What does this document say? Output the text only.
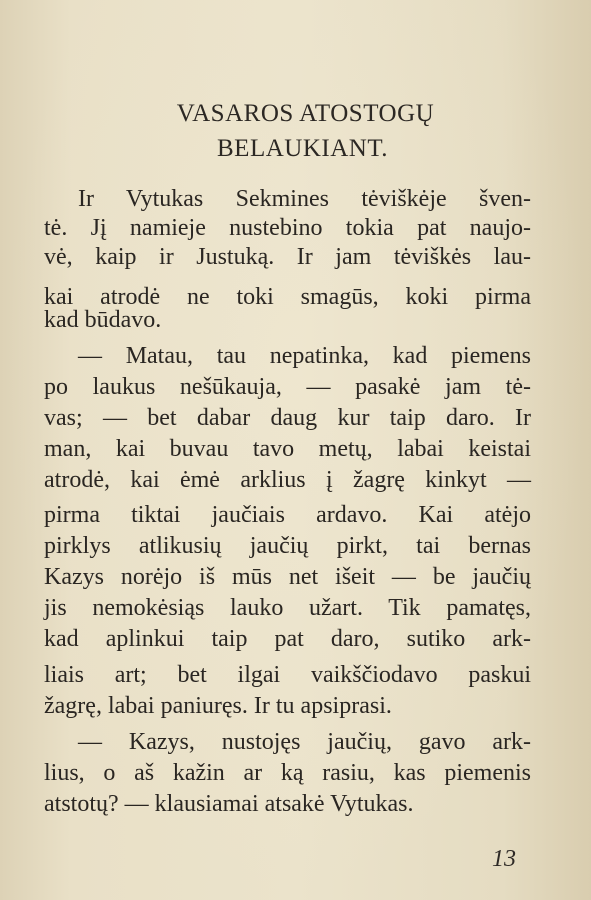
VASAROS ATOSTOGŲ
BELAUKIANT.
Ir Vytukas Sekmines tėviškėje šven-
tė. Jį namieje nustebino tokia pat naujo-
vė, kaip ir Justuką. Ir jam tėviškės lau-
kai atrodė ne toki smagūs, koki pirma
kad būdavo.
— Matau, tau nepatinka, kad piemens
po laukus nešūkauja, — pasakė jam tė-
vas; — bet dabar daug kur taip daro. Ir
man, kai buvau tavo metų, labai keistai
atrodė, kai ėmė arklius į žagrę kinkyt —
pirma tiktai jaučiais ardavo. Kai atėjo
pirklys atlikusių jaučių pirkt, tai bernas
Kazys norėjo iš mūs net išeit — be jaučių
jis nemokėsiąs lauko užart. Tik pamatęs,
kad aplinkui taip pat daro, sutiko ark-
liais art; bet ilgai vaikščiodavo paskui
žagrę, labai paniuręs. Ir tu apsiprasi.
— Kazys, nustojęs jaučių, gavo ark-
lius, o aš kažin ar ką rasiu, kas piemenis
atstotų? — klausiamai atsakė Vytukas.
13
